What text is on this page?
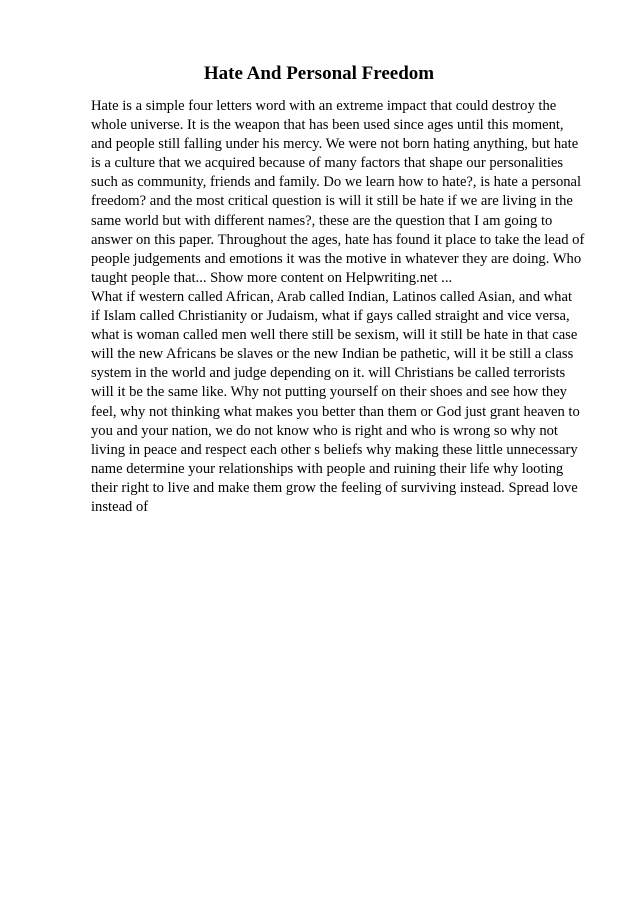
Hate And Personal Freedom
Hate is a simple four letters word with an extreme impact that could destroy the
whole universe. It is the weapon that has been used since ages until this moment,
and people still falling under his mercy. We were not born hating anything, but hate
is a culture that we acquired because of many factors that shape our personalities
such as community, friends and family. Do we learn how to hate?, is hate a personal
freedom? and the most critical question is will it still be hate if we are living in the
same world but with different names?, these are the question that I am going to
answer on this paper. Throughout the ages, hate has found it place to take the lead of
people judgements and emotions it was the motive in whatever they are doing. Who
taught people that... Show more content on Helpwriting.net ...
What if western called African, Arab called Indian, Latinos called Asian, and what
if Islam called Christianity or Judaism, what if gays called straight and vice versa,
what is woman called men well there still be sexism, will it still be hate in that case
will the new Africans be slaves or the new Indian be pathetic, will it be still a class
system in the world and judge depending on it. will Christians be called terrorists
will it be the same like. Why not putting yourself on their shoes and see how they
feel, why not thinking what makes you better than them or God just grant heaven to
you and your nation, we do not know who is right and who is wrong so why not
living in peace and respect each other s beliefs why making these little unnecessary
name determine your relationships with people and ruining their life why looting
their right to live and make them grow the feeling of surviving instead. Spread love
instead of
